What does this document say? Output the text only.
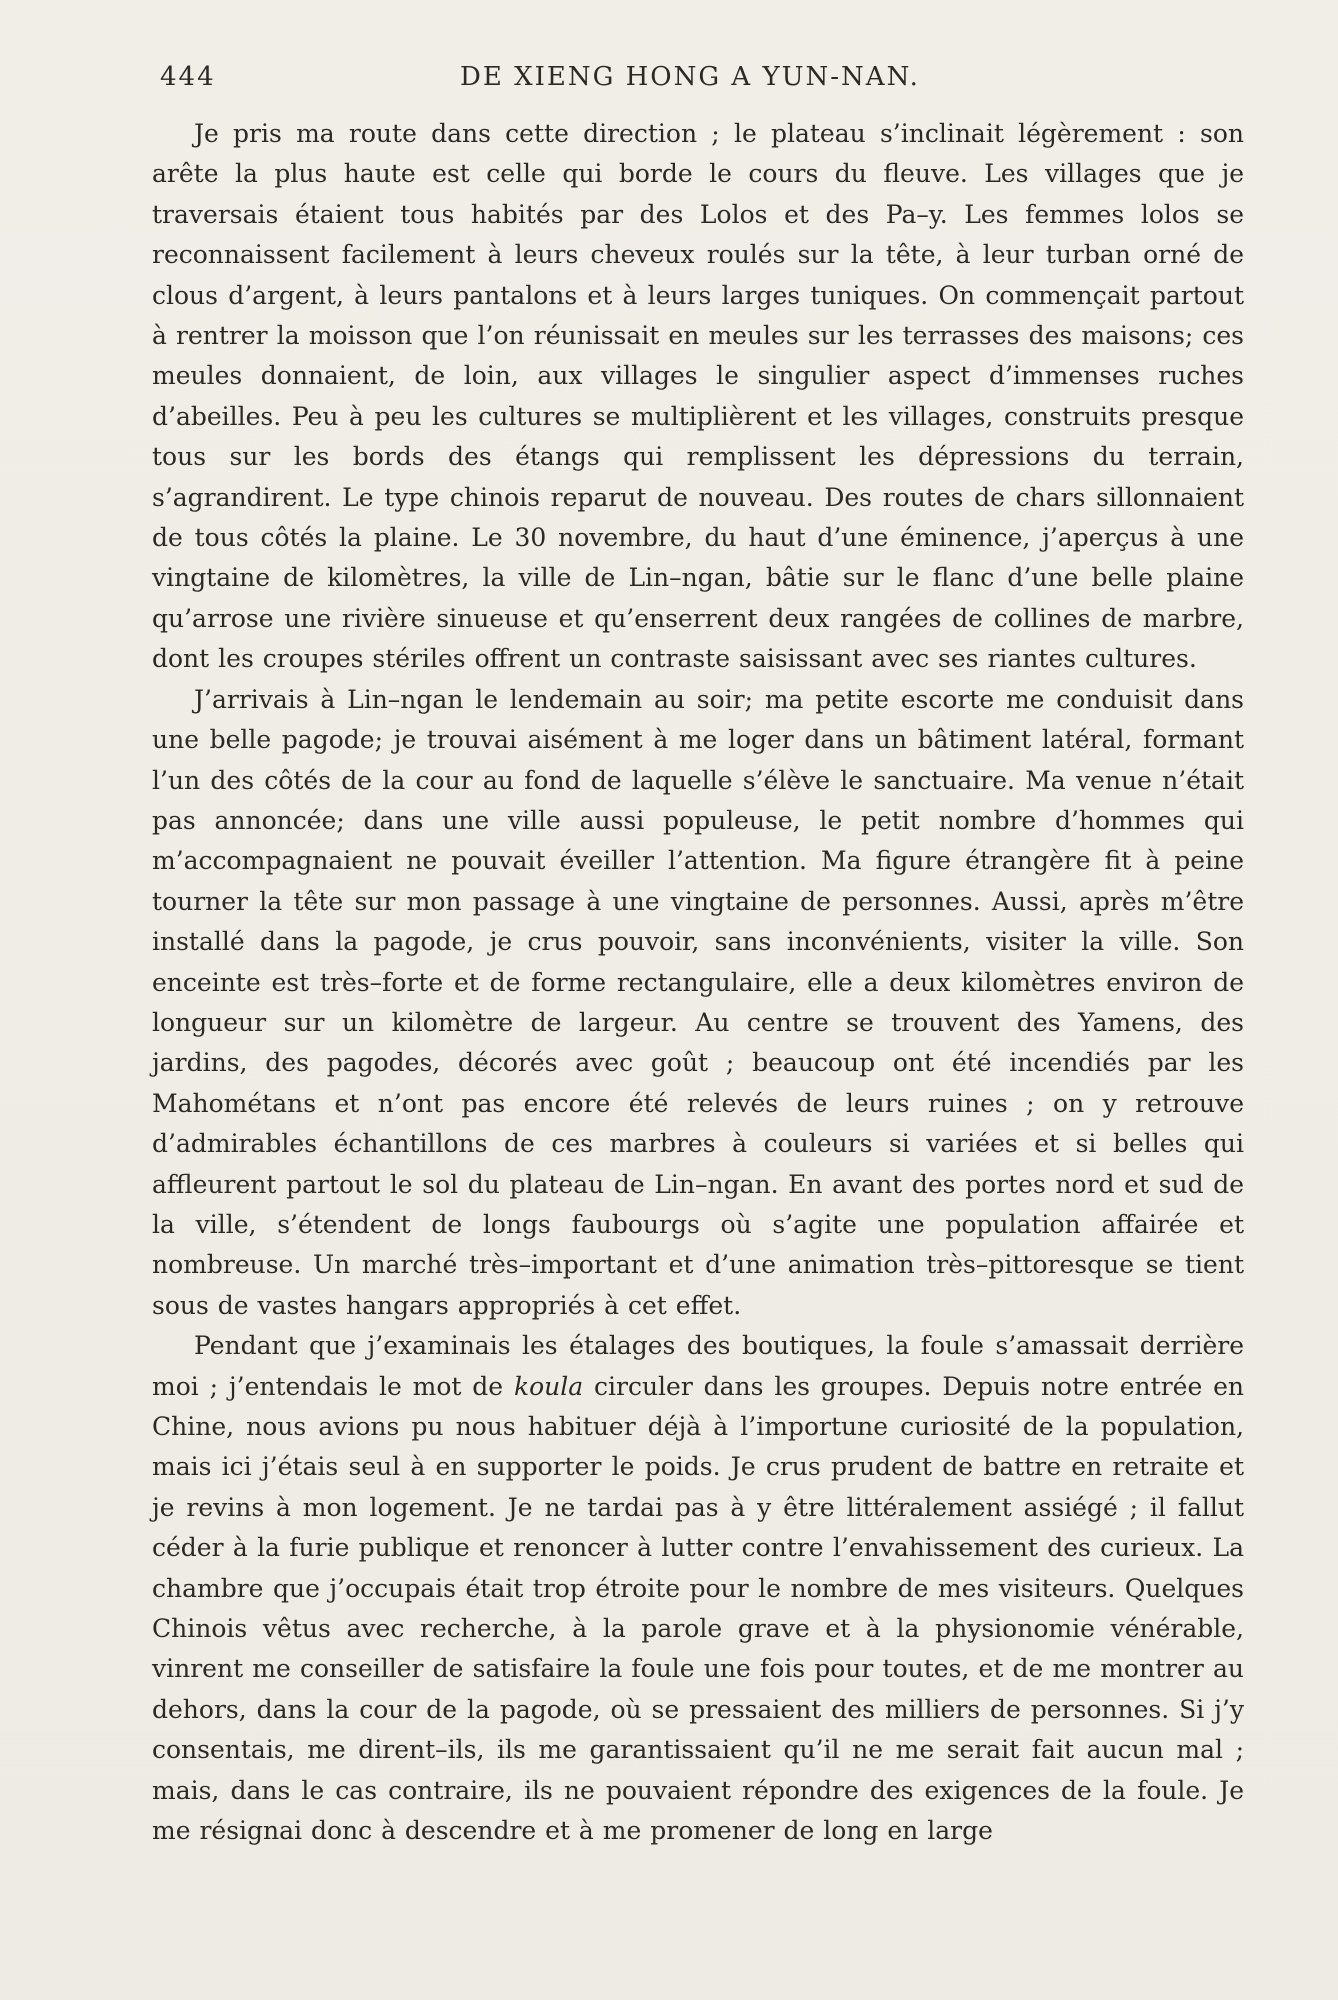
444	DE XIENG HONG A YUN-NAN.

Je pris ma route dans cette direction ; le plateau s’inclinait légèrement : son arête la plus haute est celle qui borde le cours du fleuve. Les villages que je traversais étaient tous habités par des Lolos et des Pa–y. Les femmes lolos se reconnaissent facilement à leurs cheveux roulés sur la tête, à leur turban orné de clous d’argent, à leurs pantalons et à leurs larges tuniques. On commençait partout à rentrer la moisson que l’on réunissait en meules sur les terrasses des maisons; ces meules donnaient, de loin, aux villages le singulier aspect d’immenses ruches d’abeilles. Peu à peu les cultures se multiplièrent et les villages, construits presque tous sur les bords des étangs qui remplissent les dépressions du terrain, s’agrandirent. Le type chinois reparut de nouveau. Des routes de chars sillonnaient de tous côtés la plaine. Le 30 novembre, du haut d’une éminence, j’aperçus à une vingtaine de kilomètres, la ville de Lin–ngan, bâtie sur le flanc d’une belle plaine qu’arrose une rivière sinueuse et qu’enserrent deux rangées de collines de marbre, dont les croupes stériles offrent un contraste saisissant avec ses riantes cultures.

J’arrivais à Lin–ngan le lendemain au soir; ma petite escorte me conduisit dans une belle pagode; je trouvai aisément à me loger dans un bâtiment latéral, formant l’un des côtés de la cour au fond de laquelle s’élève le sanctuaire. Ma venue n’était pas annoncée; dans une ville aussi populeuse, le petit nombre d’hommes qui m’accompagnaient ne pouvait éveiller l’attention. Ma figure étrangère fit à peine tourner la tête sur mon passage à une vingtaine de personnes. Aussi, après m’être installé dans la pagode, je crus pouvoir, sans inconvénients, visiter la ville. Son enceinte est très–forte et de forme rectangulaire, elle a deux kilomètres environ de longueur sur un kilomètre de largeur. Au centre se trouvent des Yamens, des jardins, des pagodes, décorés avec goût ; beaucoup ont été incendiés par les Mahométans et n’ont pas encore été relevés de leurs ruines ; on y retrouve d’admirables échantillons de ces marbres à couleurs si variées et si belles qui affleurent partout le sol du plateau de Lin–ngan. En avant des portes nord et sud de la ville, s’étendent de longs faubourgs où s’agite une population affairée et nombreuse. Un marché très–important et d’une animation très–pittoresque se tient sous de vastes hangars appropriés à cet effet.

Pendant que j’examinais les étalages des boutiques, la foule s’amassait derrière moi ; j’entendais le mot de koula circuler dans les groupes. Depuis notre entrée en Chine, nous avions pu nous habituer déjà à l’importune curiosité de la population, mais ici j’étais seul à en supporter le poids. Je crus prudent de battre en retraite et je revins à mon logement. Je ne tardai pas à y être littéralement assiégé ; il fallut céder à la furie publique et renoncer à lutter contre l’envahissement des curieux. La chambre que j’occupais était trop étroite pour le nombre de mes visiteurs. Quelques Chinois vêtus avec recherche, à la parole grave et à la physionomie vénérable, vinrent me conseiller de satisfaire la foule une fois pour toutes, et de me montrer au dehors, dans la cour de la pagode, où se pressaient des milliers de personnes. Si j’y consentais, me dirent–ils, ils me garantissaient qu’il ne me serait fait aucun mal ; mais, dans le cas contraire, ils ne pouvaient répondre des exigences de la foule. Je me résignai donc à descendre et à me promener de long en large
